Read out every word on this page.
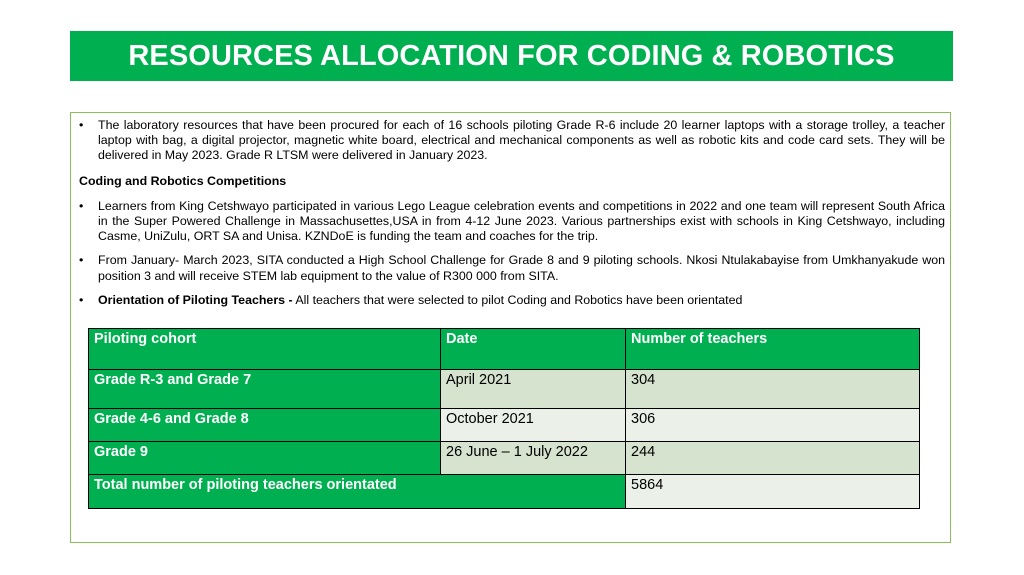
RESOURCES ALLOCATION FOR CODING & ROBOTICS
• The laboratory resources that have been procured for each of 16 schools piloting Grade R-6 include 20 learner laptops with a storage trolley, a teacher laptop with bag, a digital projector, magnetic white board, electrical and mechanical components as well as robotic kits and code card sets. They will be delivered in May 2023. Grade R LTSM were delivered in January 2023.
Coding and Robotics Competitions
• Learners from King Cetshwayo participated in various Lego League celebration events and competitions in 2022 and one team will represent South Africa in the Super Powered Challenge in Massachusettes,USA in from 4-12 June 2023. Various partnerships exist with schools in King Cetshwayo, including Casme, UniZulu, ORT SA and Unisa. KZNDoE is funding the team and coaches for the trip.
• From January- March 2023, SITA conducted a High School Challenge for Grade 8 and 9 piloting schools. Nkosi Ntulakabayise from Umkhanyakude won position 3 and will receive STEM lab equipment to the value of R300 000 from SITA.
• Orientation of Piloting Teachers - All teachers that were selected to pilot Coding and Robotics have been orientated
Piloting cohort	Date	Number of teachers
Grade R-3 and Grade 7	April 2021	304
Grade 4-6 and Grade 8	October 2021	306
Grade 9	26 June – 1 July 2022	244
Total number of piloting teachers orientated		5864
